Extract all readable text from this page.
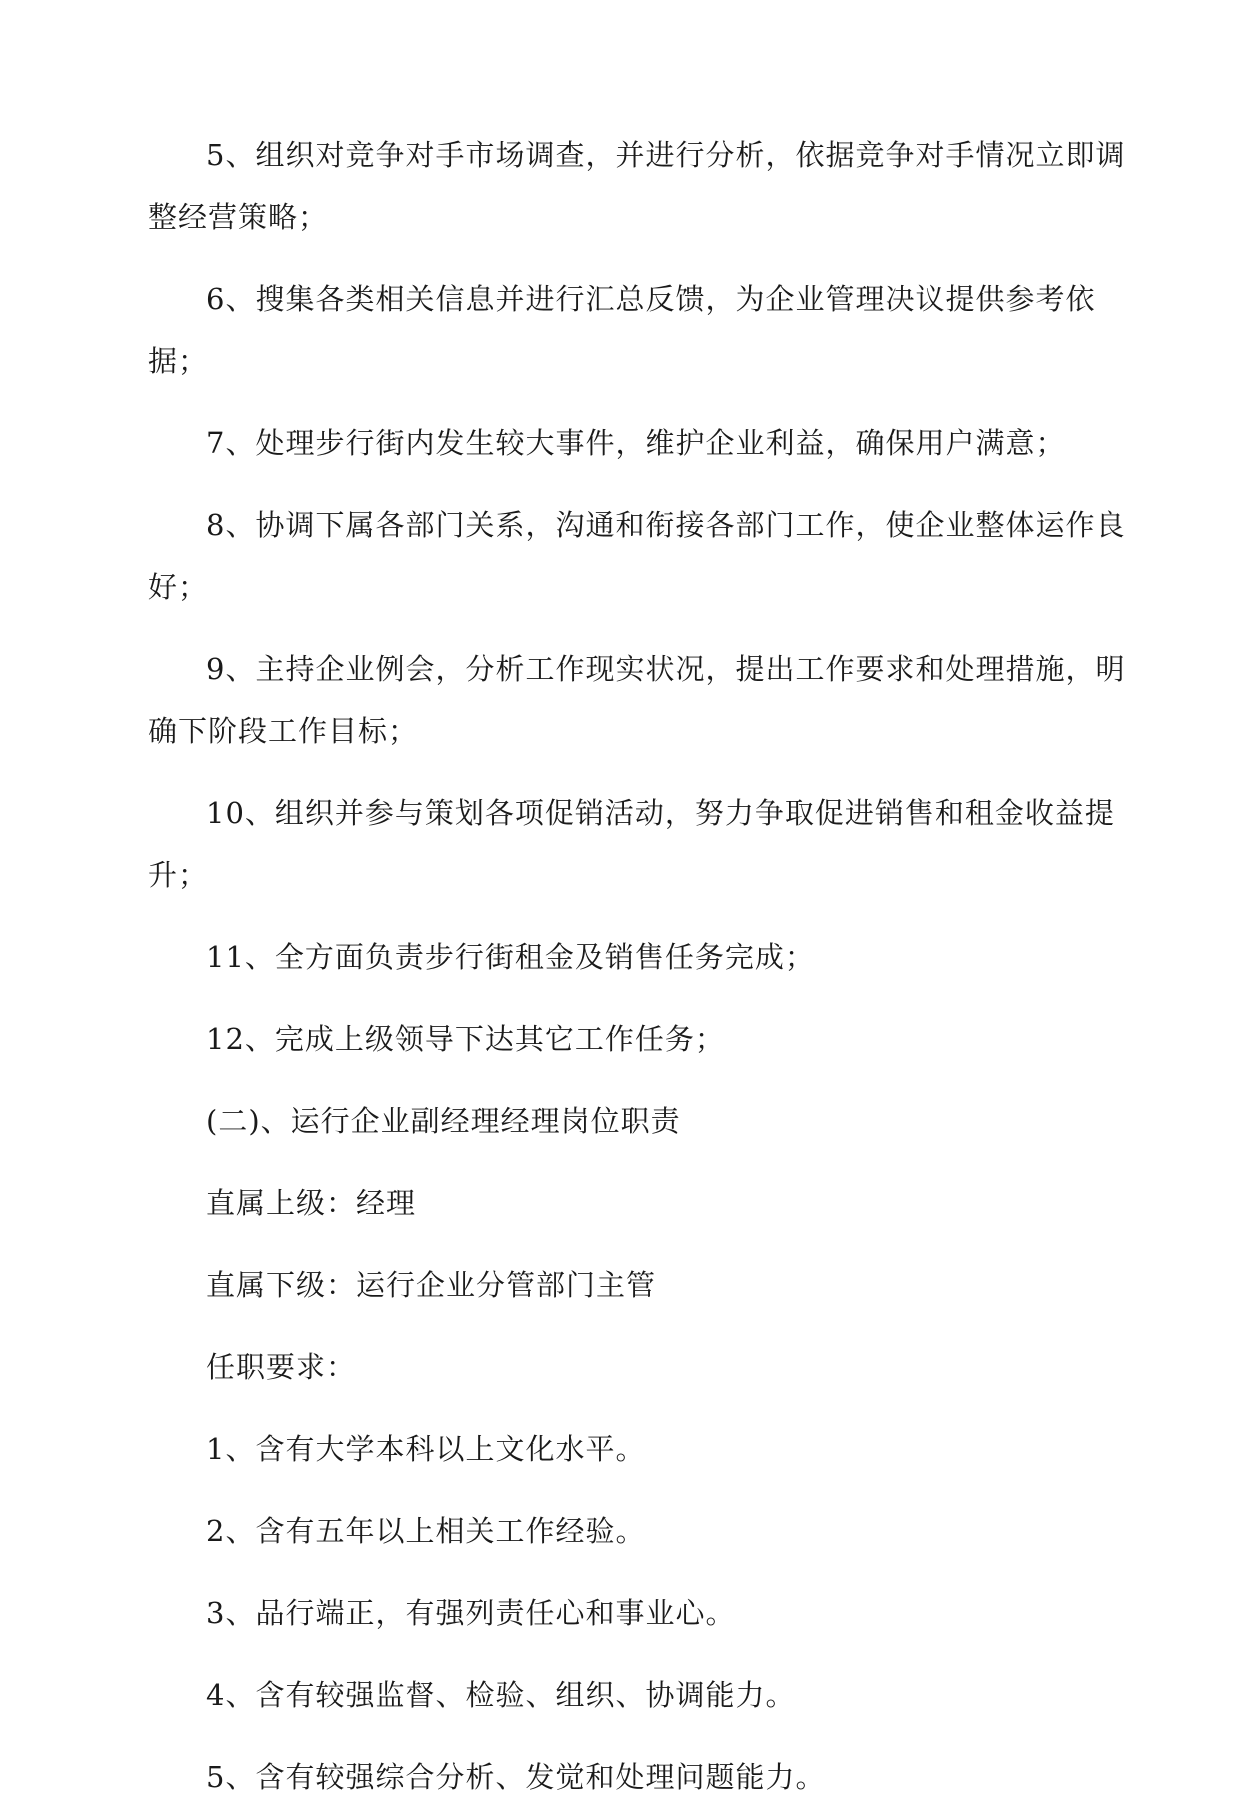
5、组织对竞争对手市场调查，并进行分析，依据竞争对手情况立即调整经营策略；

6、搜集各类相关信息并进行汇总反馈，为企业管理决议提供参考依据；

7、处理步行街内发生较大事件，维护企业利益，确保用户满意；

8、协调下属各部门关系，沟通和衔接各部门工作，使企业整体运作良好；

9、主持企业例会，分析工作现实状况，提出工作要求和处理措施，明确下阶段工作目标；

10、组织并参与策划各项促销活动，努力争取促进销售和租金收益提升；

11、全方面负责步行街租金及销售任务完成；

12、完成上级领导下达其它工作任务；

(二)、运行企业副经理经理岗位职责

直属上级：经理

直属下级：运行企业分管部门主管

任职要求：

1、含有大学本科以上文化水平。

2、含有五年以上相关工作经验。

3、品行端正，有强列责任心和事业心。

4、含有较强监督、检验、组织、协调能力。

5、含有较强综合分析、发觉和处理问题能力。
